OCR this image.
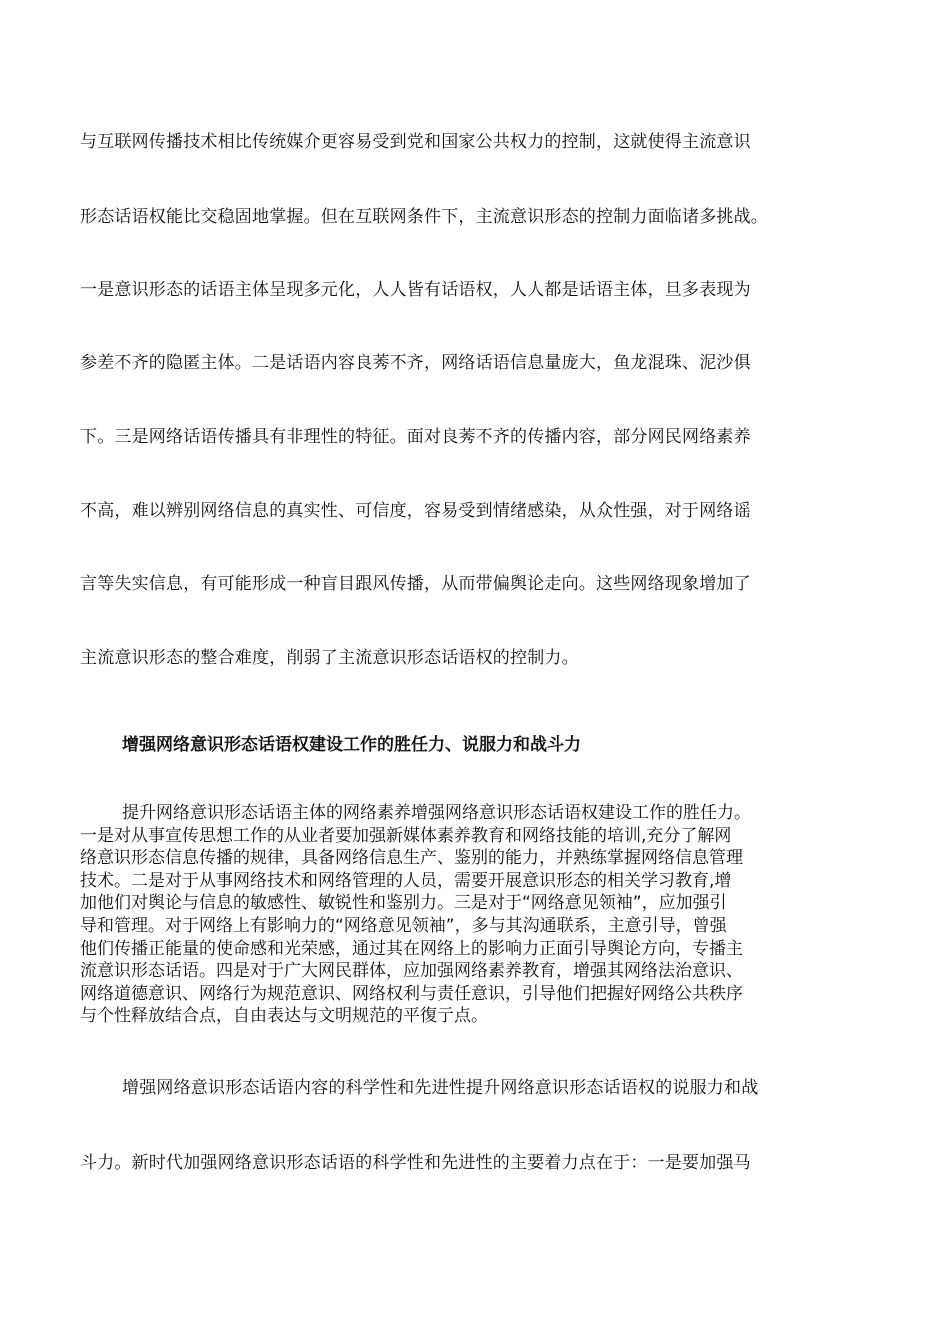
与互联网传播技术相比传统媒介更容易受到党和国家公共权力的控制，这就使得主流意识
形态话语权能比交稳固地掌握。但在互联网条件下，主流意识形态的控制力面临诸多挑战。
一是意识形态的话语主体呈现多元化，人人皆有话语权，人人都是话语主体，旦多表现为
参差不齐的隐匿主体。二是话语内容良莠不齐，网络话语信息量庞大，鱼龙混珠、泥沙俱
下。三是网络话语传播具有非理性的特征。面对良莠不齐的传播内容，部分网民网络素养
不高，难以辨别网络信息的真实性、可信度，容易受到情绪感染，从众性强，对于网络谣
言等失实信息，有可能形成一种盲目跟风传播，从而带偏舆论走向。这些网络现象增加了
主流意识形态的整合难度，削弱了主流意识形态话语权的控制力。
增强网络意识形态话语权建设工作的胜任力、说服力和战斗力
提升网络意识形态话语主体的网络素养增强网络意识形态话语权建设工作的胜任力。
一是对从事宣传思想工作的从业者要加强新媒体素养教育和网络技能的培训,充分了解网
络意识形态信息传播的规律，具备网络信息生产、鉴别的能力，并熟练掌握网络信息管理
技术。二是对于从事网络技术和网络管理的人员，需要开展意识形态的相关学习教育,增
加他们对舆论与信息的敏感性、敏锐性和鉴别力。三是对于“网络意见领袖”，应加强引
导和管理。对于网络上有影响力的“网络意见领袖”，多与其沟通联系，主意引导，曾强
他们传播正能量的使命感和光荣感，通过其在网络上的影响力正面引导舆论方向，专播主
流意识形态话语。四是对于广大网民群体，应加强网络素养教育，增强其网络法治意识、
网络道德意识、网络行为规范意识、网络权利与责任意识，引导他们把握好网络公共秩序
与个性释放结合点，自由表达与文明规范的平復亍点。
增强网络意识形态话语内容的科学性和先进性提升网络意识形态话语权的说服力和战
斗力。新时代加强网络意识形态话语的科学性和先进性的主要着力点在于：一是要加强马
